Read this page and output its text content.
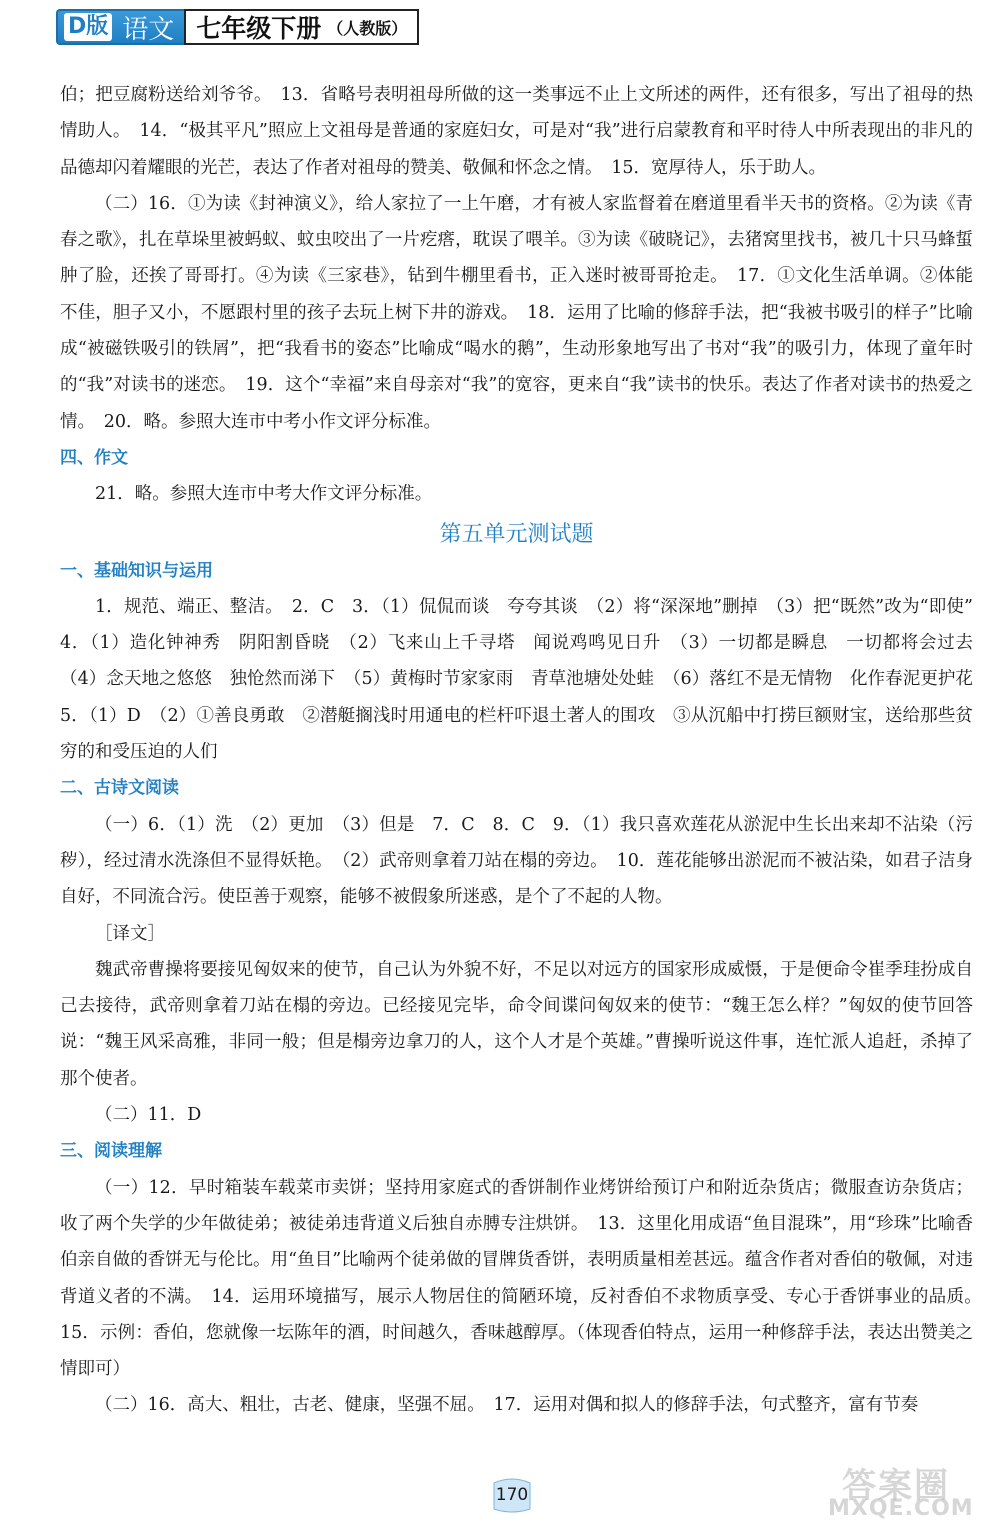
D版 语文 七年级下册 （人教版）

伯；把豆腐粉送给刘爷爷。　13．省略号表明祖母所做的这一类事远不止上文所述的两件，还有很多，写出了祖母的热情助人。　14．“极其平凡”照应上文祖母是普通的家庭妇女，可是对“我”进行启蒙教育和平时待人中所表现出的非凡的品德却闪着耀眼的光芒，表达了作者对祖母的赞美、敬佩和怀念之情。　15．宽厚待人，乐于助人。

（二）16．①为读《封神演义》，给人家拉了一上午磨，才有被人家监督着在磨道里看半天书的资格。②为读《青春之歌》，扎在草垛里被蚂蚁、蚊虫咬出了一片疙瘩，耽误了喂羊。③为读《破晓记》，去猪窝里找书，被几十只马蜂蜇肿了脸，还挨了哥哥打。④为读《三家巷》，钻到牛棚里看书，正入迷时被哥哥抢走。　17．①文化生活单调。②体能不佳，胆子又小，不愿跟村里的孩子去玩上树下井的游戏。　18．运用了比喻的修辞手法，把“我被书吸引的样子”比喻成“被磁铁吸引的铁屑”，把“我看书的姿态”比喻成“喝水的鹅”，生动形象地写出了书对“我”的吸引力，体现了童年时的“我”对读书的迷恋。　19．这个“幸福”来自母亲对“我”的宽容，更来自“我”读书的快乐。表达了作者对读书的热爱之情。　20．略。参照大连市中考小作文评分标准。

四、作文

21．略。参照大连市中考大作文评分标准。

第五单元测试题
一、基础知识与运用

1．规范、端正、整洁。　2．C　3．（1）侃侃而谈　夸夸其谈　（2）将“深深地”删掉　（3）把“既然”改为“即使”　4．（1）造化钟神秀　阴阳割昏晓　（2）飞来山上千寻塔　闻说鸡鸣见日升　（3）一切都是瞬息　一切都将会过去　（4）念天地之悠悠　独怆然而涕下　（5）黄梅时节家家雨　青草池塘处处蛙　（6）落红不是无情物　化作春泥更护花　5．（1）D　（2）①善良勇敢　②潜艇搁浅时用通电的栏杆吓退土著人的围攻　③从沉船中打捞巨额财宝，送给那些贫穷的和受压迫的人们

二、古诗文阅读

（一）6．（1）洗　（2）更加　（3）但是　7．C　8．C　9．（1）我只喜欢莲花从淤泥中生长出来却不沾染（污秽），经过清水洗涤但不显得妖艳。　（2）武帝则拿着刀站在榻的旁边。　10．莲花能够出淤泥而不被沾染，如君子洁身自好，不同流合污。使臣善于观察，能够不被假象所迷惑，是个了不起的人物。

［译文］

魏武帝曹操将要接见匈奴来的使节，自己认为外貌不好，不足以对远方的国家形成威慑，于是便命令崔季珪扮成自己去接待，武帝则拿着刀站在榻的旁边。已经接见完毕，命令间谍问匈奴来的使节：“魏王怎么样？”匈奴的使节回答说：“魏王风采高雅，非同一般；但是榻旁边拿刀的人，这个人才是个英雄。”曹操听说这件事，连忙派人追赶，杀掉了那个使者。

（二）11．D

三、阅读理解

（一）12．早时箱装车载菜市卖饼；坚持用家庭式的香饼制作业烤饼给预订户和附近杂货店；微服查访杂货店；收了两个失学的少年做徒弟；被徒弟违背道义后独自赤膊专注烘饼。　13．这里化用成语“鱼目混珠”，用“珍珠”比喻香伯亲自做的香饼无与伦比。用“鱼目”比喻两个徒弟做的冒牌货香饼，表明质量相差甚远。蕴含作者对香伯的敬佩，对违背道义者的不满。　14．运用环境描写，展示人物居住的简陋环境，反衬香伯不求物质享受、专心于香饼事业的品质。　15．示例：香伯，您就像一坛陈年的酒，时间越久，香味越醇厚。（体现香伯特点，运用一种修辞手法，表达出赞美之情即可）

（二）16．高大、粗壮，古老、健康，坚强不屈。　17．运用对偶和拟人的修辞手法，句式整齐，富有节奏

170	答案圈
MXQE.COM
